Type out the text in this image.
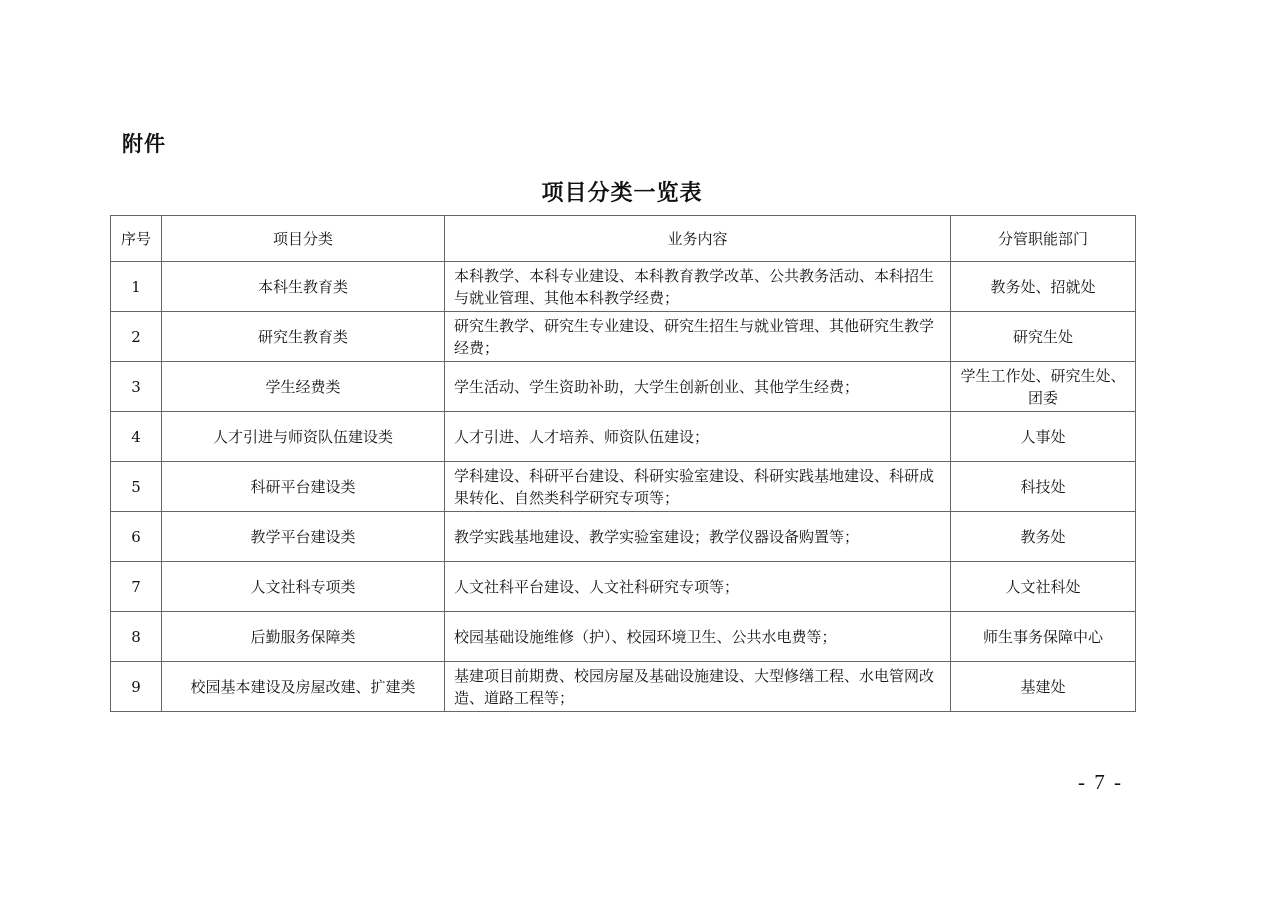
附件
项目分类一览表
序号	项目分类	业务内容	分管职能部门
1	本科生教育类	本科教学、本科专业建设、本科教育教学改革、公共教务活动、本科招生与就业管理、其他本科教学经费；	教务处、招就处
2	研究生教育类	研究生教学、研究生专业建设、研究生招生与就业管理、其他研究生教学经费；	研究生处
3	学生经费类	学生活动、学生资助补助，大学生创新创业、其他学生经费；	学生工作处、研究生处、团委
4	人才引进与师资队伍建设类	人才引进、人才培养、师资队伍建设；	人事处
5	科研平台建设类	学科建设、科研平台建设、科研实验室建设、科研实践基地建设、科研成果转化、自然类科学研究专项等；	科技处
6	教学平台建设类	教学实践基地建设、教学实验室建设；教学仪器设备购置等；	教务处
7	人文社科专项类	人文社科平台建设、人文社科研究专项等；	人文社科处
8	后勤服务保障类	校园基础设施维修（护）、校园环境卫生、公共水电费等；	师生事务保障中心
9	校园基本建设及房屋改建、扩建类	基建项目前期费、校园房屋及基础设施建设、大型修缮工程、水电管网改造、道路工程等；	基建处
- 7 -
